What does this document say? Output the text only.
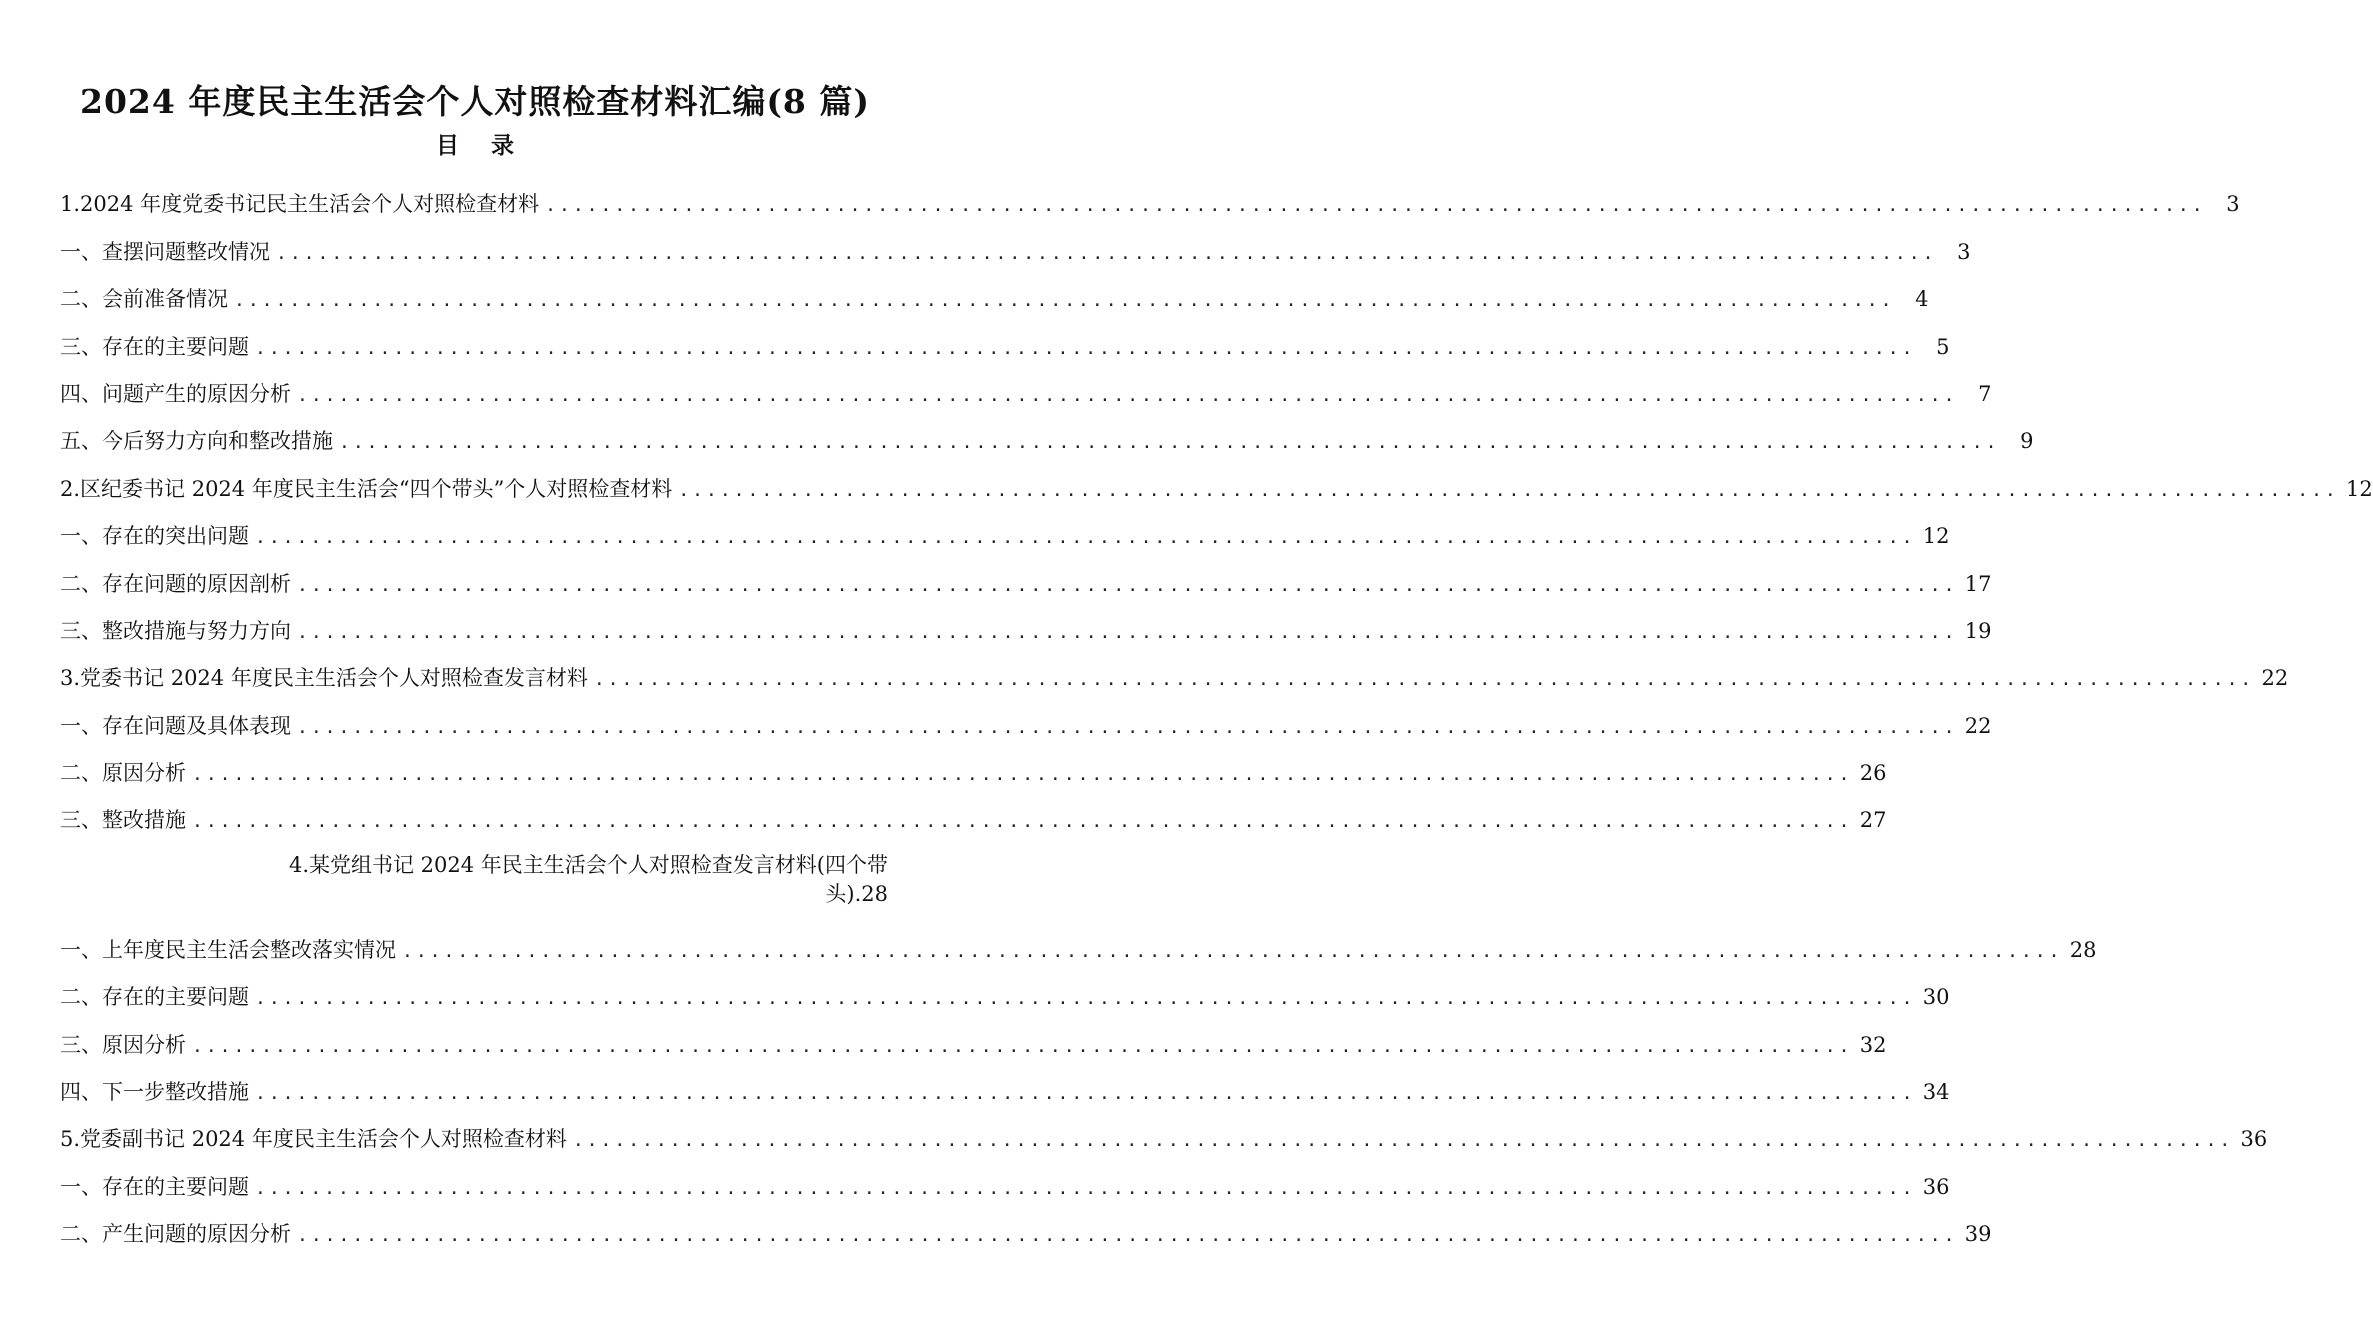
2024 年度民主生活会个人对照检查材料汇编(8 篇)
目 录
1.2024 年度党委书记民主生活会个人对照检查材料 ........................................................................................................................ 3
一、查摆问题整改情况 ........................................................................................................................ 3
二、会前准备情况 ........................................................................................................................ 4
三、存在的主要问题 ........................................................................................................................ 5
四、问题产生的原因分析 ........................................................................................................................ 7
五、今后努力方向和整改措施 ........................................................................................................................ 9
2.区纪委书记 2024 年度民主生活会“四个带头”个人对照检查材料 ........................................................................................................................ 12
一、存在的突出问题 ........................................................................................................................ 12
二、存在问题的原因剖析 ........................................................................................................................ 17
三、整改措施与努力方向 ........................................................................................................................ 19
3.党委书记 2024 年度民主生活会个人对照检查发言材料 ........................................................................................................................ 22
一、存在问题及具体表现 ........................................................................................................................ 22
二、原因分析 ........................................................................................................................ 26
三、整改措施 ........................................................................................................................ 27
4.某党组书记 2024 年民主生活会个人对照检查发言材料(四个带
头).28
一、上年度民主生活会整改落实情况 ........................................................................................................................ 28
二、存在的主要问题 ........................................................................................................................ 30
三、原因分析 ........................................................................................................................ 32
四、下一步整改措施 ........................................................................................................................ 34
5.党委副书记 2024 年度民主生活会个人对照检查材料 ........................................................................................................................ 36
一、存在的主要问题 ........................................................................................................................ 36
二、产生问题的原因分析 ........................................................................................................................ 39
